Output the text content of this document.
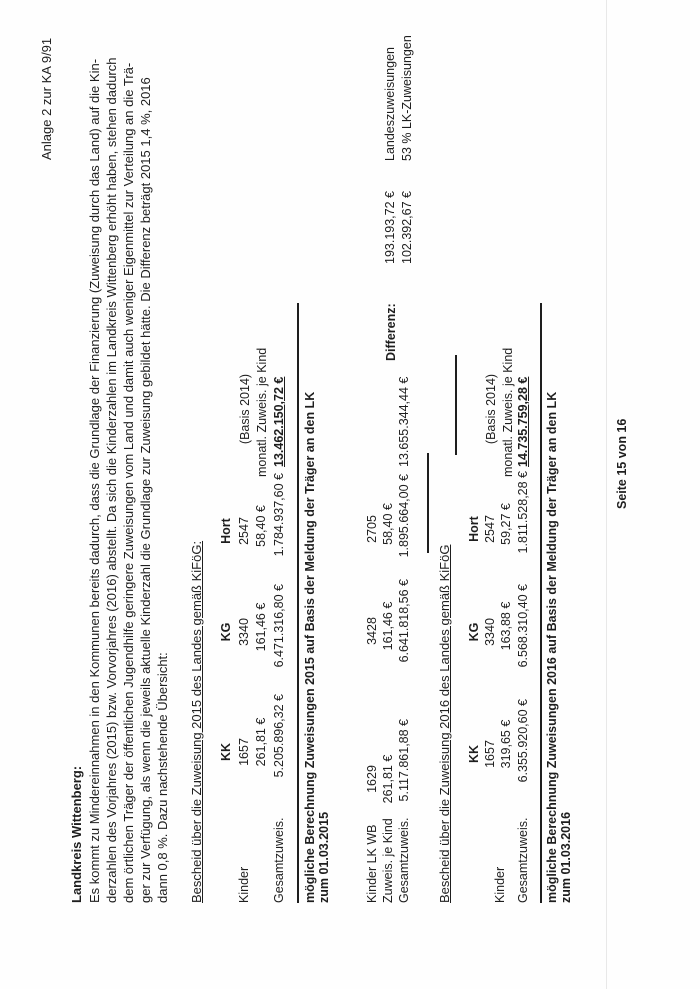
Anlage 2 zur KA 9/91
Landkreis Wittenberg: Es kommt zu Mindereinnahmen in den Kommunen bereits dadurch, dass die Grundlage der Finanzierung (Zuweisung durch das Land) auf die Kin- derzahlen des Vorjahres (2015) bzw. Vorvorjahres (2016) abstellt. Da sich die Kinderzahlen im Landkreis Wittenberg erhöht haben, stehen dadurch dem örtlichen Träger der öffentlichen Jugendhilfe geringere Zuweisungen vom Land und damit auch weniger Eigenmittel zur Verteilung an die Trä- ger zur Verfügung, als wenn die jeweils aktuelle Kinderzahl die Grundlage zur Zuweisung gebildet hätte. Die Differenz beträgt 2015 1,4 %, 2016 dann 0,8 %. Dazu nachstehende Übersicht: Bescheid über die Zuweisung 2015 des Landes gemäß KiFöG: KK
KG
Hort
Kinder
1657
3340
2547
261,81 €
161,46 €
58,40 €
(Basis 2014) monatl. Zuweis. je Kind
Gesamtzuweis.
5.205.896,32 €
6.471.316,80 €
1.784.937,60 €
13.462.150,72 € mögliche Berechnung Zuweisungen 2015 auf Basis der Meldung der Träger an den LK zum 01.03.2015	Kinder LK WB Zuweis. je Kind Gesamtzuweis.
1629 261,81 € 5.117.861,88 €
3428 161,46 € 6.641.818,56 €
2705 58,40 € 1.895.664,00 €
13.655.344,44 €
Differenz:
193.193,72 € 102.392,67 €
Landeszuweisungen 53 % LK-Zuweisungen
Bescheid über die Zuweisung 2016 des Landes gemäß KiFöG KK
KG
Hort
Kinder
1657
3340
2547
319,65 €
163,88 €
59,27 €
(Basis 2014) monatl. Zuweis. je Kind
Gesamtzuweis.
6.355.920,60 €
6.568.310,40 €
1.811.528,28 €
14.735.759,28 € mögliche Berechnung Zuweisungen 2016 auf Basis der Meldung der Träger an den LK zum 01.03.2016
Seite 15 von 16
